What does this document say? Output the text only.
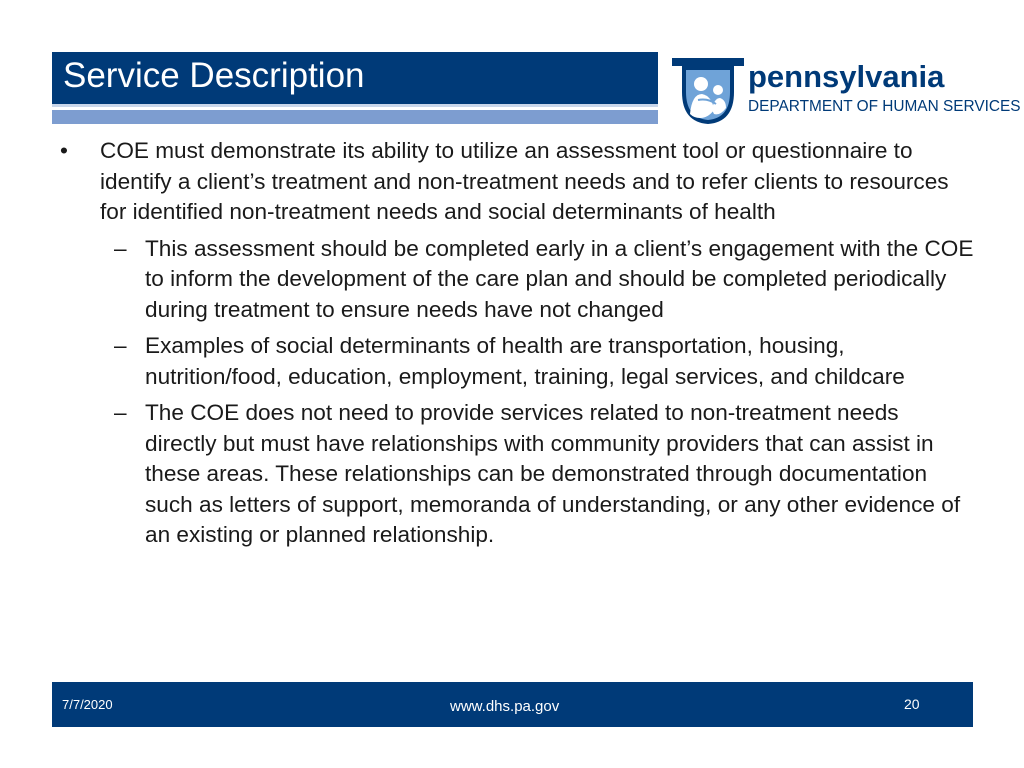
Service Description	pennsylvania
DEPARTMENT OF HUMAN SERVICES

• COE must demonstrate its ability to utilize an assessment tool or questionnaire to identify a client’s treatment and non-treatment needs and to refer clients to resources for identified non-treatment needs and social determinants of health

– This assessment should be completed early in a client’s engagement with the COE to inform the development of the care plan and should be completed periodically during treatment to ensure needs have not changed

– Examples of social determinants of health are transportation, housing, nutrition/food, education, employment, training, legal services, and childcare

– The COE does not need to provide services related to non-treatment needs directly but must have relationships with community providers that can assist in these areas. These relationships can be demonstrated through documentation such as letters of support, memoranda of understanding, or any other evidence of an existing or planned relationship.

7/7/2020	www.dhs.pa.gov	20
